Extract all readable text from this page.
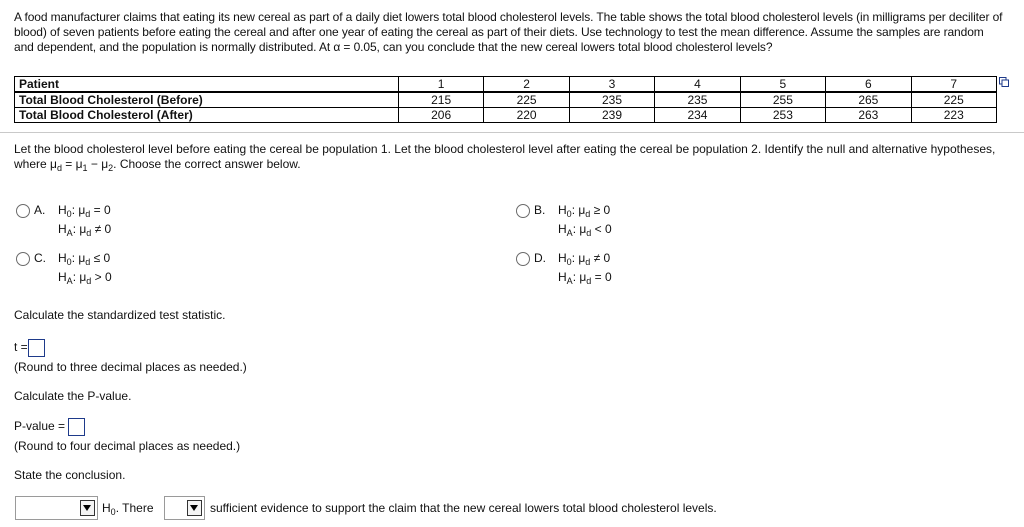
A food manufacturer claims that eating its new cereal as part of a daily diet lowers total blood cholesterol levels. The table shows the total blood cholesterol levels (in milligrams per deciliter of blood) of seven patients before eating the cereal and after one year of eating the cereal as part of their diets. Use technology to test the mean difference. Assume the samples are random and dependent, and the population is normally distributed. At α = 0.05, can you conclude that the new cereal lowers total blood cholesterol levels?
Patient	1	2	3	4	5	6	7
Total Blood Cholesterol (Before)	215	225	235	235	255	265	225
Total Blood Cholesterol (After)	206	220	239	234	253	263	223
Let the blood cholesterol level before eating the cereal be population 1. Let the blood cholesterol level after eating the cereal be population 2. Identify the null and alternative hypotheses, where $\mu_d = \mu_1 - \mu_2$. Choose the correct answer below.
A. $H_0$: $\mu_d = 0$
$H_A$: $\mu_d \ne 0$
B. $H_0$: $\mu_d \ge 0$
$H_A$: $\mu_d < 0$
C. $H_0$: $\mu_d \le 0$
$H_A$: $\mu_d > 0$
D. $H_0$: $\mu_d \ne 0$
$H_A$: $\mu_d = 0$
Calculate the standardized test statistic.
t =
(Round to three decimal places as needed.)
Calculate the P-value.
P-value =
(Round to four decimal places as needed.)
State the conclusion.
$H_0$. There	sufficient evidence to support the claim that the new cereal lowers total blood cholesterol levels.
